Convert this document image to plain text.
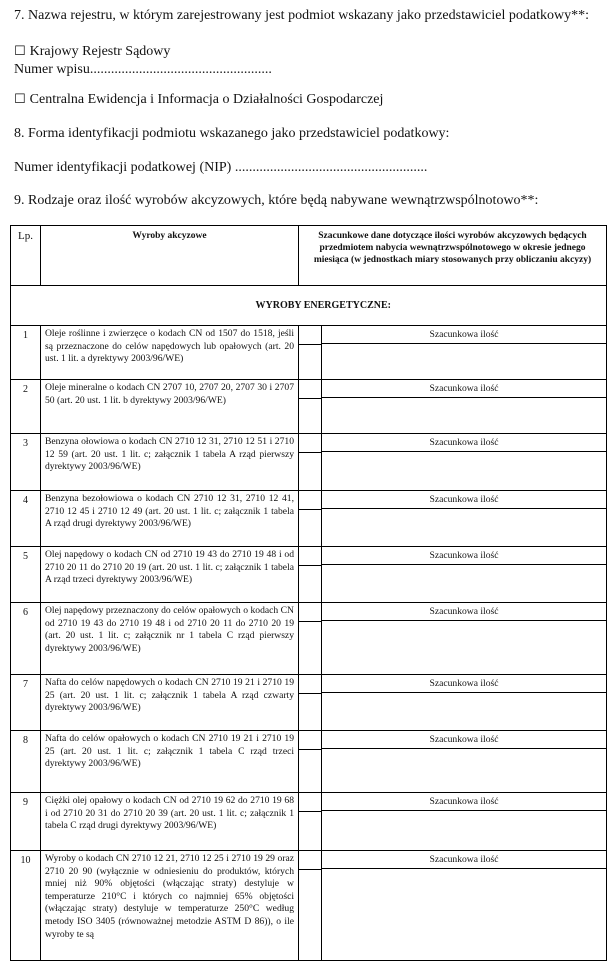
7. Nazwa rejestru, w którym zarejestrowany jest podmiot wskazany jako przedstawiciel podatkowy**:
☐ Krajowy Rejestr Sądowy
Numer wpisu....................................................
☐ Centralna Ewidencja i Informacja o Działalności Gospodarczej
8. Forma identyfikacji podmiotu wskazanego jako przedstawiciel podatkowy:
Numer identyfikacji podatkowej (NIP) .......................................................
9. Rodzaje oraz ilość wyrobów akcyzowych, które będą nabywane wewnątrzwspólnotowo**:
Lp.	Wyroby akcyzowe	Szacunkowe dane dotyczące ilości wyrobów akcyzowych będących przedmiotem nabycia wewnątrzwspólnotowego w okresie jednego miesiąca (w jednostkach miary stosowanych przy obliczaniu akcyzy)	
	WYROBY ENERGETYCZNE:		
1	Oleje roślinne i zwierzęce o kodach CN od 1507 do 1518, jeśli są przeznaczone do celów napędowych lub opałowych (art. 20 ust. 1 lit. a dyrektywy 2003/96/WE)		Szacunkowa ilość

2	Oleje mineralne o kodach CN 2707 10, 2707 20, 2707 30 i 2707 50 (art. 20 ust. 1 lit. b dyrektywy 2003/96/WE)		Szacunkowa ilość

3	Benzyna ołowiowa o kodach CN 2710 12 31, 2710 12 51 i 2710 12 59 (art. 20 ust. 1 lit. c; załącznik 1 tabela A rząd pierwszy dyrektywy 2003/96/WE)		Szacunkowa ilość

4	Benzyna bezołowiowa o kodach CN 2710 12 31, 2710 12 41, 2710 12 45 i 2710 12 49 (art. 20 ust. 1 lit. c; załącznik 1 tabela A rząd drugi dyrektywy 2003/96/WE)		Szacunkowa ilość

5	Olej napędowy o kodach CN od 2710 19 43 do 2710 19 48 i od 2710 20 11 do 2710 20 19 (art. 20 ust. 1 lit. c; załącznik 1 tabela A rząd trzeci dyrektywy 2003/96/WE)		Szacunkowa ilość

6	Olej napędowy przeznaczony do celów opałowych o kodach CN od 2710 19 43 do 2710 19 48 i od 2710 20 11 do 2710 20 19 (art. 20 ust. 1 lit. c; załącznik nr 1 tabela C rząd pierwszy dyrektywy 2003/96/WE)		Szacunkowa ilość

7	Nafta do celów napędowych o kodach CN 2710 19 21 i 2710 19 25 (art. 20 ust. 1 lit. c; załącznik 1 tabela A rząd czwarty dyrektywy 2003/96/WE)		Szacunkowa ilość

8	Nafta do celów opałowych o kodach CN 2710 19 21 i 2710 19 25 (art. 20 ust. 1 lit. c; załącznik 1 tabela C rząd trzeci dyrektywy 2003/96/WE)		Szacunkowa ilość

9	Ciężki olej opałowy o kodach CN od 2710 19 62 do 2710 19 68 i od 2710 20 31 do 2710 20 39 (art. 20 ust. 1 lit. c; załącznik 1 tabela C rząd drugi dyrektywy 2003/96/WE)		Szacunkowa ilość

10	Wyroby o kodach CN 2710 12 21, 2710 12 25 i 2710 19 29 oraz 2710 20 90 (wyłącznie w odniesieniu do produktów, których mniej niż 90% objętości (włączając straty) destyluje w temperaturze 210°C i których co najmniej 65% objętości (włączając straty) destyluje w temperaturze 250°C według metody ISO 3405 (równoważnej metodzie ASTM D 86)), o ile wyroby te są		Szacunkowa ilość
